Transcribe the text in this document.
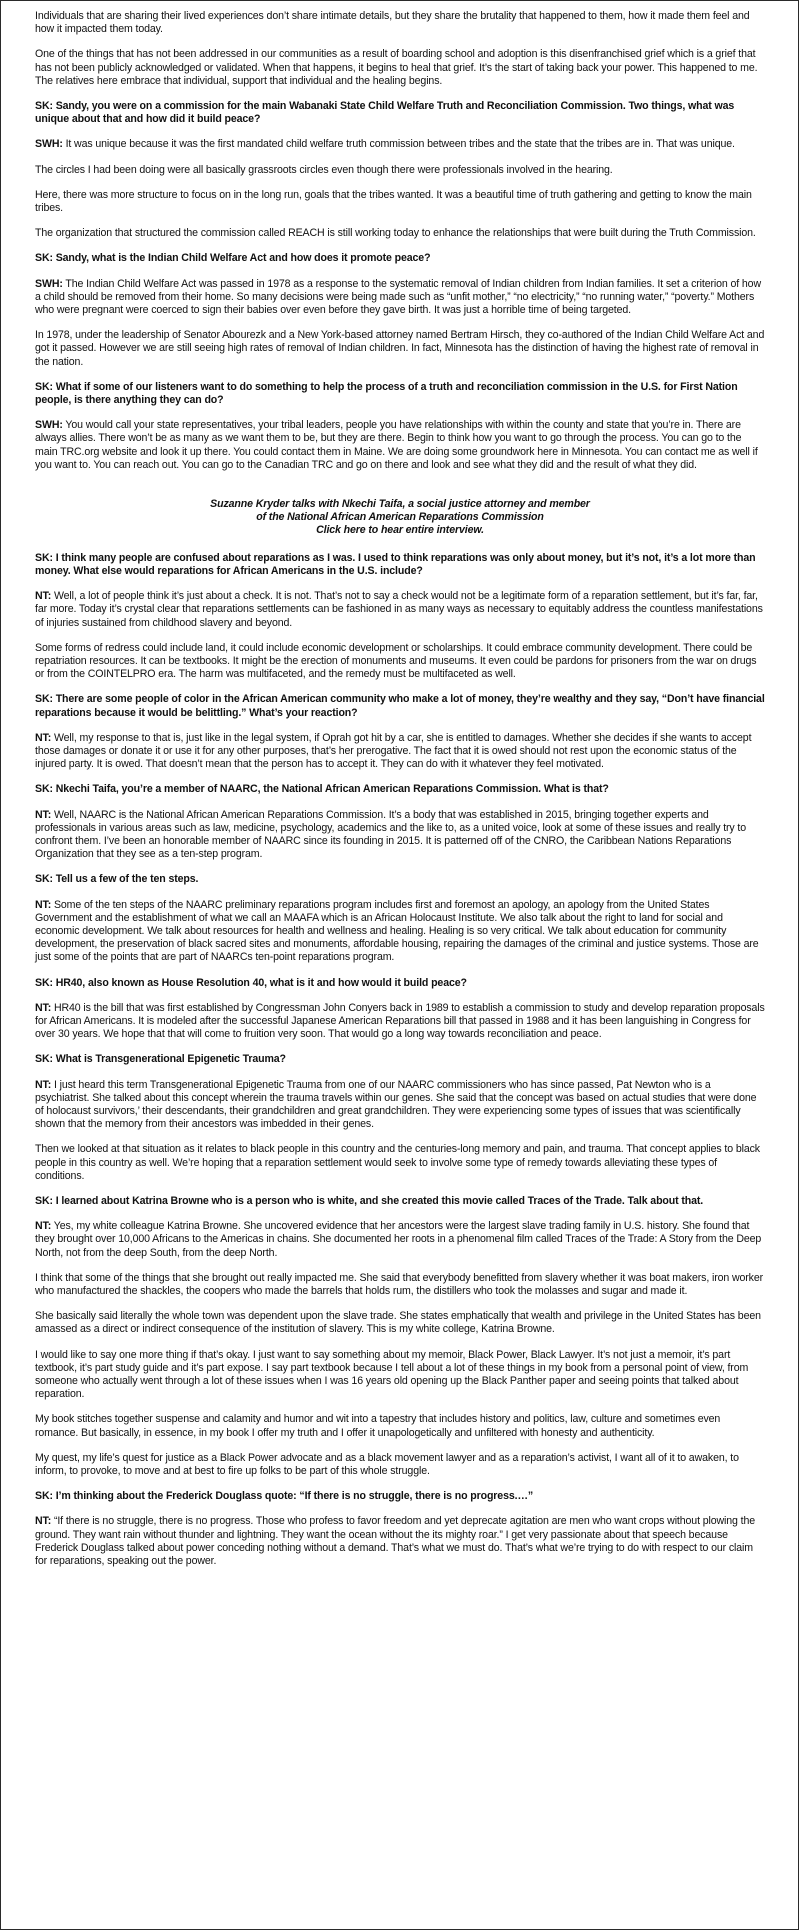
Individuals that are sharing their lived experiences don’t share intimate details, but they share the brutality that happened to them, how it made them feel and how it impacted them today.

One of the things that has not been addressed in our communities as a result of boarding school and adoption is this disenfranchised grief which is a grief that has not been publicly acknowledged or validated. When that happens, it begins to heal that grief. It’s the start of taking back your power. This happened to me. The relatives here embrace that individual, support that individual and the healing begins.

SK: Sandy, you were on a commission for the main Wabanaki State Child Welfare Truth and Reconciliation Commission. Two things, what was unique about that and how did it build peace?

SWH: It was unique because it was the first mandated child welfare truth commission between tribes and the state that the tribes are in. That was unique.

The circles I had been doing were all basically grassroots circles even though there were professionals involved in the hearing.

Here, there was more structure to focus on in the long run, goals that the tribes wanted. It was a beautiful time of truth gathering and getting to know the main tribes.

The organization that structured the commission called REACH is still working today to enhance the relationships that were built during the Truth Commission.

SK: Sandy, what is the Indian Child Welfare Act and how does it promote peace?

SWH: The Indian Child Welfare Act was passed in 1978 as a response to the systematic removal of Indian children from Indian families. It set a criterion of how a child should be removed from their home. So many decisions were being made such as “unfit mother,” “no electricity,” “no running water,” “poverty.” Mothers who were pregnant were coerced to sign their babies over even before they gave birth. It was just a horrible time of being targeted.

In 1978, under the leadership of Senator Abourezk and a New York-based attorney named Bertram Hirsch, they co-authored of the Indian Child Welfare Act and got it passed. However we are still seeing high rates of removal of Indian children. In fact, Minnesota has the distinction of having the highest rate of removal in the nation.

SK: What if some of our listeners want to do something to help the process of a truth and reconciliation commission in the U.S. for First Nation people, is there anything they can do?

SWH: You would call your state representatives, your tribal leaders, people you have relationships with within the county and state that you’re in. There are always allies. There won’t be as many as we want them to be, but they are there. Begin to think how you want to go through the process. You can go to the main TRC.org website and look it up there. You could contact them in Maine. We are doing some groundwork here in Minnesota. You can contact me as well if you want to. You can reach out. You can go to the Canadian TRC and go on there and look and see what they did and the result of what they did.

Suzanne Kryder talks with Nkechi Taifa, a social justice attorney and member
of the National African American Reparations Commission
Click here to hear entire interview.

SK: I think many people are confused about reparations as I was. I used to think reparations was only about money, but it’s not, it’s a lot more than money. What else would reparations for African Americans in the U.S. include?

NT: Well, a lot of people think it’s just about a check. It is not. That’s not to say a check would not be a legitimate form of a reparation settlement, but it’s far, far, far more. Today it’s crystal clear that reparations settlements can be fashioned in as many ways as necessary to equitably address the countless manifestations of injuries sustained from childhood slavery and beyond.

Some forms of redress could include land, it could include economic development or scholarships. It could embrace community development. There could be repatriation resources. It can be textbooks. It might be the erection of monuments and museums. It even could be pardons for prisoners from the war on drugs or from the COINTELPRO era. The harm was multifaceted, and the remedy must be multifaceted as well.

SK: There are some people of color in the African American community who make a lot of money, they’re wealthy and they say, “Don’t have financial reparations because it would be belittling.” What’s your reaction?

NT: Well, my response to that is, just like in the legal system, if Oprah got hit by a car, she is entitled to damages. Whether she decides if she wants to accept those damages or donate it or use it for any other purposes, that’s her prerogative. The fact that it is owed should not rest upon the economic status of the injured party. It is owed. That doesn’t mean that the person has to accept it. They can do with it whatever they feel motivated.

SK: Nkechi Taifa, you’re a member of NAARC, the National African American Reparations Commission. What is that?

NT: Well, NAARC is the National African American Reparations Commission. It’s a body that was established in 2015, bringing together experts and professionals in various areas such as law, medicine, psychology, academics and the like to, as a united voice, look at some of these issues and really try to confront them. I’ve been an honorable member of NAARC since its founding in 2015. It is patterned off of the CNRO, the Caribbean Nations Reparations Organization that they see as a ten-step program.

SK: Tell us a few of the ten steps.

NT: Some of the ten steps of the NAARC preliminary reparations program includes first and foremost an apology, an apology from the United States Government and the establishment of what we call an MAAFA which is an African Holocaust Institute. We also talk about the right to land for social and economic development. We talk about resources for health and wellness and healing. Healing is so very critical. We talk about education for community development, the preservation of black sacred sites and monuments, affordable housing, repairing the damages of the criminal and justice systems. Those are just some of the points that are part of NAARCs ten-point reparations program.

SK: HR40, also known as House Resolution 40, what is it and how would it build peace?

NT: HR40 is the bill that was first established by Congressman John Conyers back in 1989 to establish a commission to study and develop reparation proposals for African Americans. It is modeled after the successful Japanese American Reparations bill that passed in 1988 and it has been languishing in Congress for over 30 years. We hope that that will come to fruition very soon. That would go a long way towards reconciliation and peace.

SK: What is Transgenerational Epigenetic Trauma?

NT: I just heard this term Transgenerational Epigenetic Trauma from one of our NAARC commissioners who has since passed, Pat Newton who is a psychiatrist. She talked about this concept wherein the trauma travels within our genes. She said that the concept was based on actual studies that were done of holocaust survivors,’ their descendants, their grandchildren and great grandchildren. They were experiencing some types of issues that was scientifically shown that the memory from their ancestors was imbedded in their genes.

Then we looked at that situation as it relates to black people in this country and the centuries-long memory and pain, and trauma. That concept applies to black people in this country as well. We’re hoping that a reparation settlement would seek to involve some type of remedy towards alleviating these types of conditions.

SK: I learned about Katrina Browne who is a person who is white, and she created this movie called Traces of the Trade. Talk about that.

NT: Yes, my white colleague Katrina Browne. She uncovered evidence that her ancestors were the largest slave trading family in U.S. history. She found that they brought over 10,000 Africans to the Americas in chains. She documented her roots in a phenomenal film called Traces of the Trade: A Story from the Deep North, not from the deep South, from the deep North.

I think that some of the things that she brought out really impacted me. She said that everybody benefitted from slavery whether it was boat makers, iron worker who manufactured the shackles, the coopers who made the barrels that holds rum, the distillers who took the molasses and sugar and made it.

She basically said literally the whole town was dependent upon the slave trade. She states emphatically that wealth and privilege in the United States has been amassed as a direct or indirect consequence of the institution of slavery. This is my white college, Katrina Browne.

I would like to say one more thing if that’s okay. I just want to say something about my memoir, Black Power, Black Lawyer. It’s not just a memoir, it’s part textbook, it’s part study guide and it’s part expose. I say part textbook because I tell about a lot of these things in my book from a personal point of view, from someone who actually went through a lot of these issues when I was 16 years old opening up the Black Panther paper and seeing points that talked about reparation.

My book stitches together suspense and calamity and humor and wit into a tapestry that includes history and politics, law, culture and sometimes even romance. But basically, in essence, in my book I offer my truth and I offer it unapologetically and unfiltered with honesty and authenticity.

My quest, my life’s quest for justice as a Black Power advocate and as a black movement lawyer and as a reparation’s activist, I want all of it to awaken, to inform, to provoke, to move and at best to fire up folks to be part of this whole struggle.

SK: I’m thinking about the Frederick Douglass quote: “If there is no struggle, there is no progress.…”

NT: “If there is no struggle, there is no progress. Those who profess to favor freedom and yet deprecate agitation are men who want crops without plowing the ground. They want rain without thunder and lightning. They want the ocean without the its mighty roar.” I get very passionate about that speech because Frederick Douglass talked about power conceding nothing without a demand. That’s what we must do. That’s what we’re trying to do with respect to our claim for reparations, speaking out the power.
